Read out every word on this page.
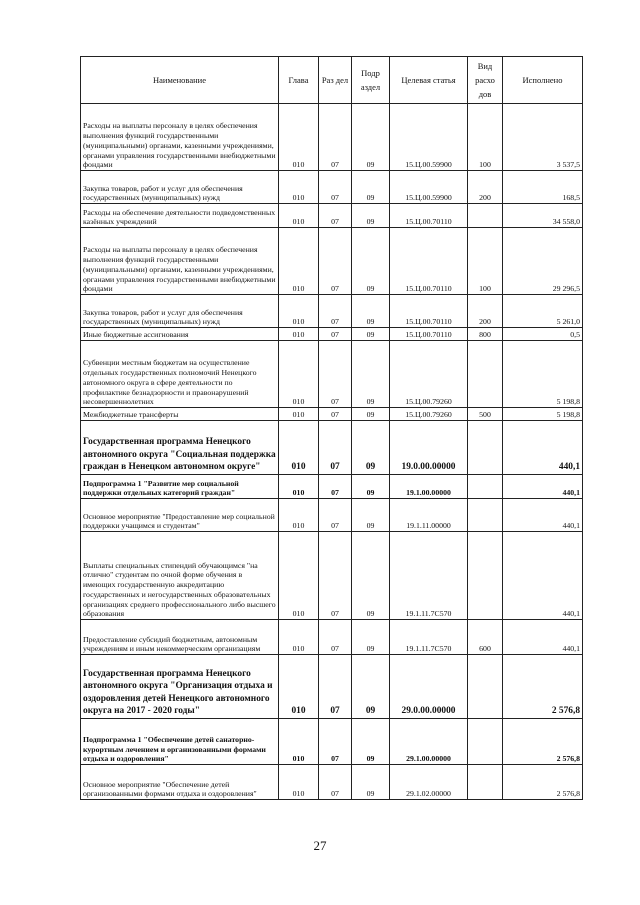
Наименование	Глава	Раз дел	Подр аздел	Целевая статья	Вид расхо дов	Исполнено
Расходы на выплаты персоналу в целях обеспечения выполнения функций государственными (муниципальными) органами, казенными учреждениями, органами управления государственными внебюджетными фондами	010	07	09	15.Ц.00.59900	100	3 537,5
Закупка товаров, работ и услуг для обеспечения государственных (муниципальных) нужд	010	07	09	15.Ц.00.59900	200	168,5
Расходы на обеспечение деятельности подведомственных казённых учреждений	010	07	09	15.Ц.00.70110		34 558,0
Расходы на выплаты персоналу в целях обеспечения выполнения функций государственными (муниципальными) органами, казенными учреждениями, органами управления государственными внебюджетными фондами	010	07	09	15.Ц.00.70110	100	29 296,5
Закупка товаров, работ и услуг для обеспечения государственных (муниципальных) нужд	010	07	09	15.Ц.00.70110	200	5 261,0
Иные бюджетные ассигнования	010	07	09	15.Ц.00.70110	800	0,5
Субвенции местным бюджетам на осуществление отдельных государственных полномочий Ненецкого автономного округа в сфере деятельности по профилактике безнадзорности и правонарушений несовершеннолетних	010	07	09	15.Ц.00.79260		5 198,8
Межбюджетные трансферты	010	07	09	15.Ц.00.79260	500	5 198,8
Государственная программа Ненецкого автономного округа "Социальная поддержка граждан в Ненецком автономном округе"	010	07	09	19.0.00.00000		440,1
Подпрограмма 1 "Развитие мер социальной поддержки отдельных категорий граждан"	010	07	09	19.1.00.00000		440,1
Основное мероприятие "Предоставление мер социальной поддержки учащимся и студентам"	010	07	09	19.1.11.00000		440,1
Выплаты специальных стипендий обучающимся "на отлично" студентам по очной форме обучения в имеющих государственную аккредитацию государственных и негосударственных образовательных организациях среднего профессионального либо высшего образования	010	07	09	19.1.11.7С570		440,1
Предоставление субсидий бюджетным, автономным учреждениям и иным некоммерческим организациям	010	07	09	19.1.11.7С570	600	440,1
Государственная программа Ненецкого автономного округа "Организация отдыха и оздоровления детей Ненецкого автономного округа на 2017 - 2020 годы"	010	07	09	29.0.00.00000		2 576,8
Подпрограмма 1 "Обеспечение детей санаторно-курортным лечением и организованными формами отдыха и оздоровления"	010	07	09	29.1.00.00000		2 576,8
Основное мероприятие "Обеспечение детей организованными формами отдыха и оздоровления"	010	07	09	29.1.02.00000		2 576,8
27
